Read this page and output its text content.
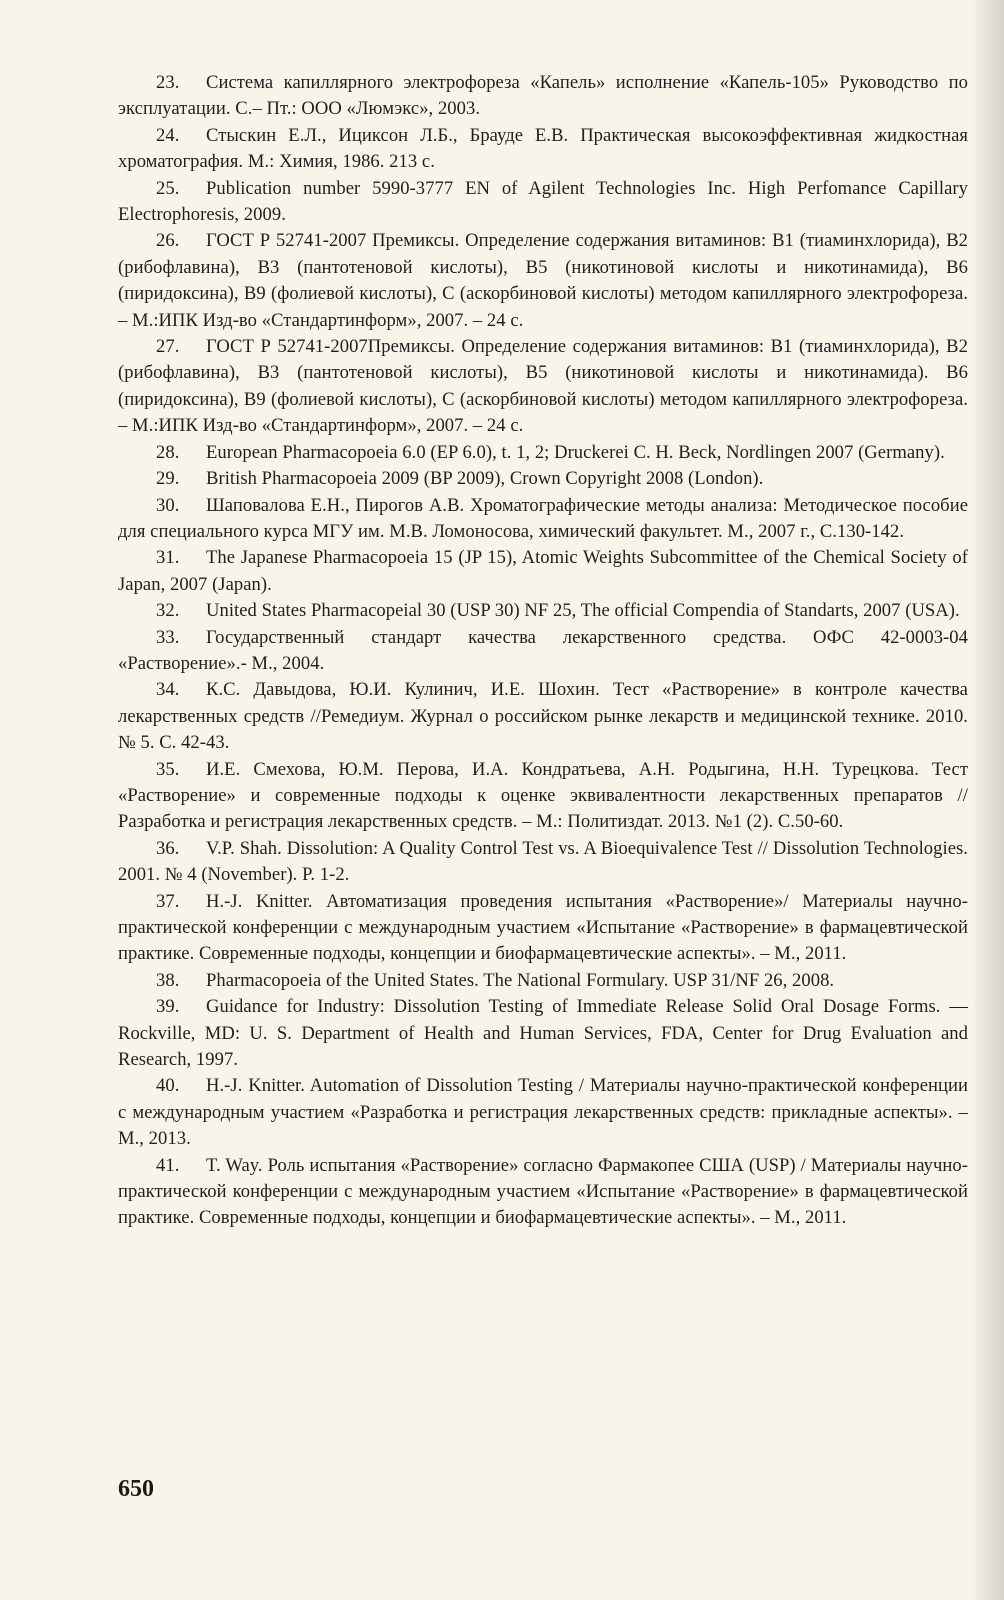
23. Система капиллярного электрофореза «Капель» исполнение «Капель-105» Руководство по эксплуатации. С.– Пт.: ООО «Люмэкс», 2003.

24. Стыскин Е.Л., Ициксон Л.Б., Брауде Е.В. Практическая высокоэффективная жидкостная хроматография. М.: Химия, 1986. 213 с.

25. Publication number 5990-3777 EN of Agilent Technologies Inc. High Perfomance Capillary Electrophoresis, 2009.

26. ГОСТ Р 52741-2007 Премиксы. Определение содержания витаминов: В1 (тиаминхлорида), В2 (рибофлавина), В3 (пантотеновой кислоты), В5 (никотиновой кислоты и никотинамида), В6 (пиридоксина), В9 (фолиевой кислоты), С (аскорбиновой кислоты) методом капиллярного электрофореза. – М.:ИПК Изд-во «Стандартинформ», 2007. – 24 с.

27. ГОСТ Р 52741-2007Премиксы. Определение содержания витаминов: В1 (тиаминхлорида), В2 (рибофлавина), В3 (пантотеновой кислоты), В5 (никотиновой кислоты и никотинамида). В6 (пиридоксина), В9 (фолиевой кислоты), С (аскорбиновой кислоты) методом капиллярного электрофореза. – М.:ИПК Изд-во «Стандартинформ», 2007. – 24 с.

28. European Pharmacopoeia 6.0 (EP 6.0), t. 1, 2; Druckerei C. H. Beck, Nordlingen 2007 (Germany).

29. British Pharmacopoeia 2009 (BP 2009), Crown Copyright 2008 (London).

30. Шаповалова Е.Н., Пирогов А.В. Хроматографические методы анализа: Методическое пособие для специального курса МГУ им. М.В. Ломоносова, химический факультет. М., 2007 г., С.130-142.

31. The Japanese Pharmacopoeia 15 (JP 15), Atomic Weights Subcommittee of the Chemical Society of Japan, 2007 (Japan).

32. United States Pharmacopeial 30 (USP 30) NF 25, The official Compendia of Standarts, 2007 (USA).

33. Государственный стандарт качества лекарственного средства. ОФС 42-0003-04 «Растворение».- М., 2004.

34. К.С. Давыдова, Ю.И. Кулинич, И.Е. Шохин. Тест «Растворение» в контроле качества лекарственных средств //Ремедиум. Журнал о российском рынке лекарств и медицинской технике. 2010. № 5. С. 42-43.

35. И.Е. Смехова, Ю.М. Перова, И.А. Кондратьева, А.Н. Родыгина, Н.Н. Турецкова. Тест «Растворение» и современные подходы к оценке эквивалентности лекарственных препаратов // Разработка и регистрация лекарственных средств. – М.: Политиздат. 2013. №1 (2). С.50-60.

36. V.P. Shah. Dissolution: A Quality Control Test vs. A Bioequivalence Test // Dissolution Technologies. 2001. № 4 (November). P. 1-2.

37. H.-J. Knitter. Автоматизация проведения испытания «Растворение»/ Материалы научно-практической конференции с международным участием «Испытание «Растворение» в фармацевтической практике. Современные подходы, концепции и биофармацевтические аспекты». – М., 2011.

38. Pharmacopoeia of the United States. The National Formulary. USP 31/NF 26, 2008.

39. Guidance for Industry: Dissolution Testing of Immediate Release Solid Oral Dosage Forms. — Rockville, MD: U. S. Department of Health and Human Services, FDA, Center for Drug Evaluation and Research, 1997.

40. H.-J. Knitter. Automation of Dissolution Testing / Материалы научно-практической конференции с международным участием «Разработка и регистрация лекарственных средств: прикладные аспекты». – М., 2013.

41. T. Way. Роль испытания «Растворение» согласно Фармакопее США (USP) / Материалы научно-практической конференции с международным участием «Испытание «Растворение» в фармацевтической практике. Современные подходы, концепции и биофармацевтические аспекты». – М., 2011.

650
